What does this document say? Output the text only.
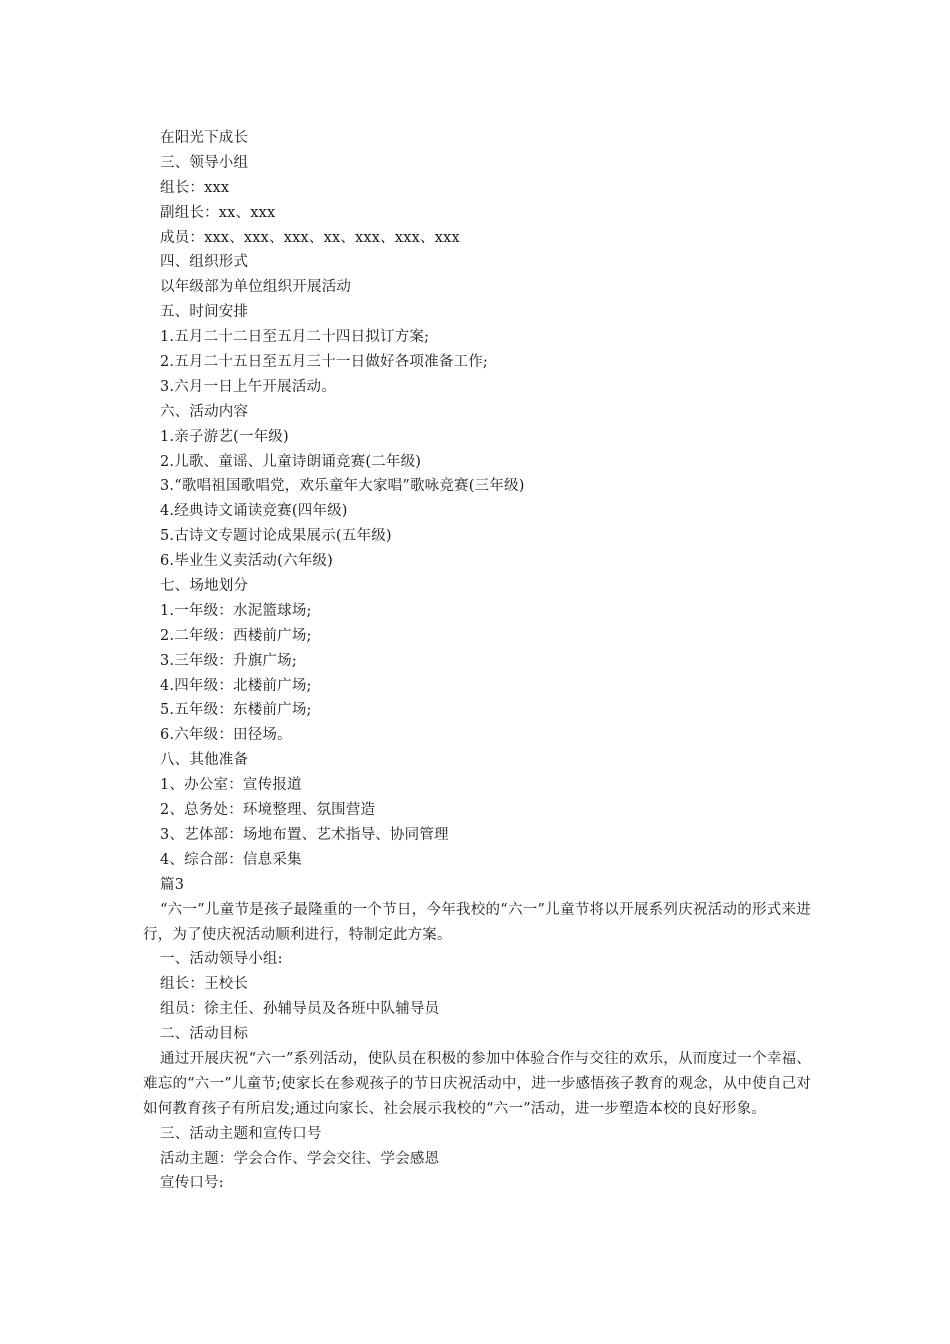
在阳光下成长
三、领导小组
组长：xxx
副组长：xx、xxx
成员：xxx、xxx、xxx、xx、xxx、xxx、xxx
四、组织形式
以年级部为单位组织开展活动
五、时间安排
1.五月二十二日至五月二十四日拟订方案;
2.五月二十五日至五月三十一日做好各项准备工作;
3.六月一日上午开展活动。
六、活动内容
1.亲子游艺(一年级)
2.儿歌、童谣、儿童诗朗诵竞赛(二年级)
3.“歌唱祖国歌唱党，欢乐童年大家唱”歌咏竞赛(三年级)
4.经典诗文诵读竞赛(四年级)
5.古诗文专题讨论成果展示(五年级)
6.毕业生义卖活动(六年级)
七、场地划分
1.一年级：水泥篮球场;
2.二年级：西楼前广场;
3.三年级：升旗广场;
4.四年级：北楼前广场;
5.五年级：东楼前广场;
6.六年级：田径场。
八、其他准备
1、办公室：宣传报道
2、总务处：环境整理、氛围营造
3、艺体部：场地布置、艺术指导、协同管理
4、综合部：信息采集
篇3

“六一”儿童节是孩子最隆重的一个节日，今年我校的“六一”儿童节将以开展系列庆祝活动的形式来进行，为了使庆祝活动顺利进行，特制定此方案。

一、活动领导小组:
组长：王校长
组员：徐主任、孙辅导员及各班中队辅导员
二、活动目标

通过开展庆祝“六一”系列活动，使队员在积极的参加中体验合作与交往的欢乐，从而度过一个幸福、难忘的“六一”儿童节;使家长在参观孩子的节日庆祝活动中，进一步感悟孩子教育的观念，从中使自己对如何教育孩子有所启发;通过向家长、社会展示我校的“六一”活动，进一步塑造本校的良好形象。

三、活动主题和宣传口号
活动主题：学会合作、学会交往、学会感恩
宣传口号:
